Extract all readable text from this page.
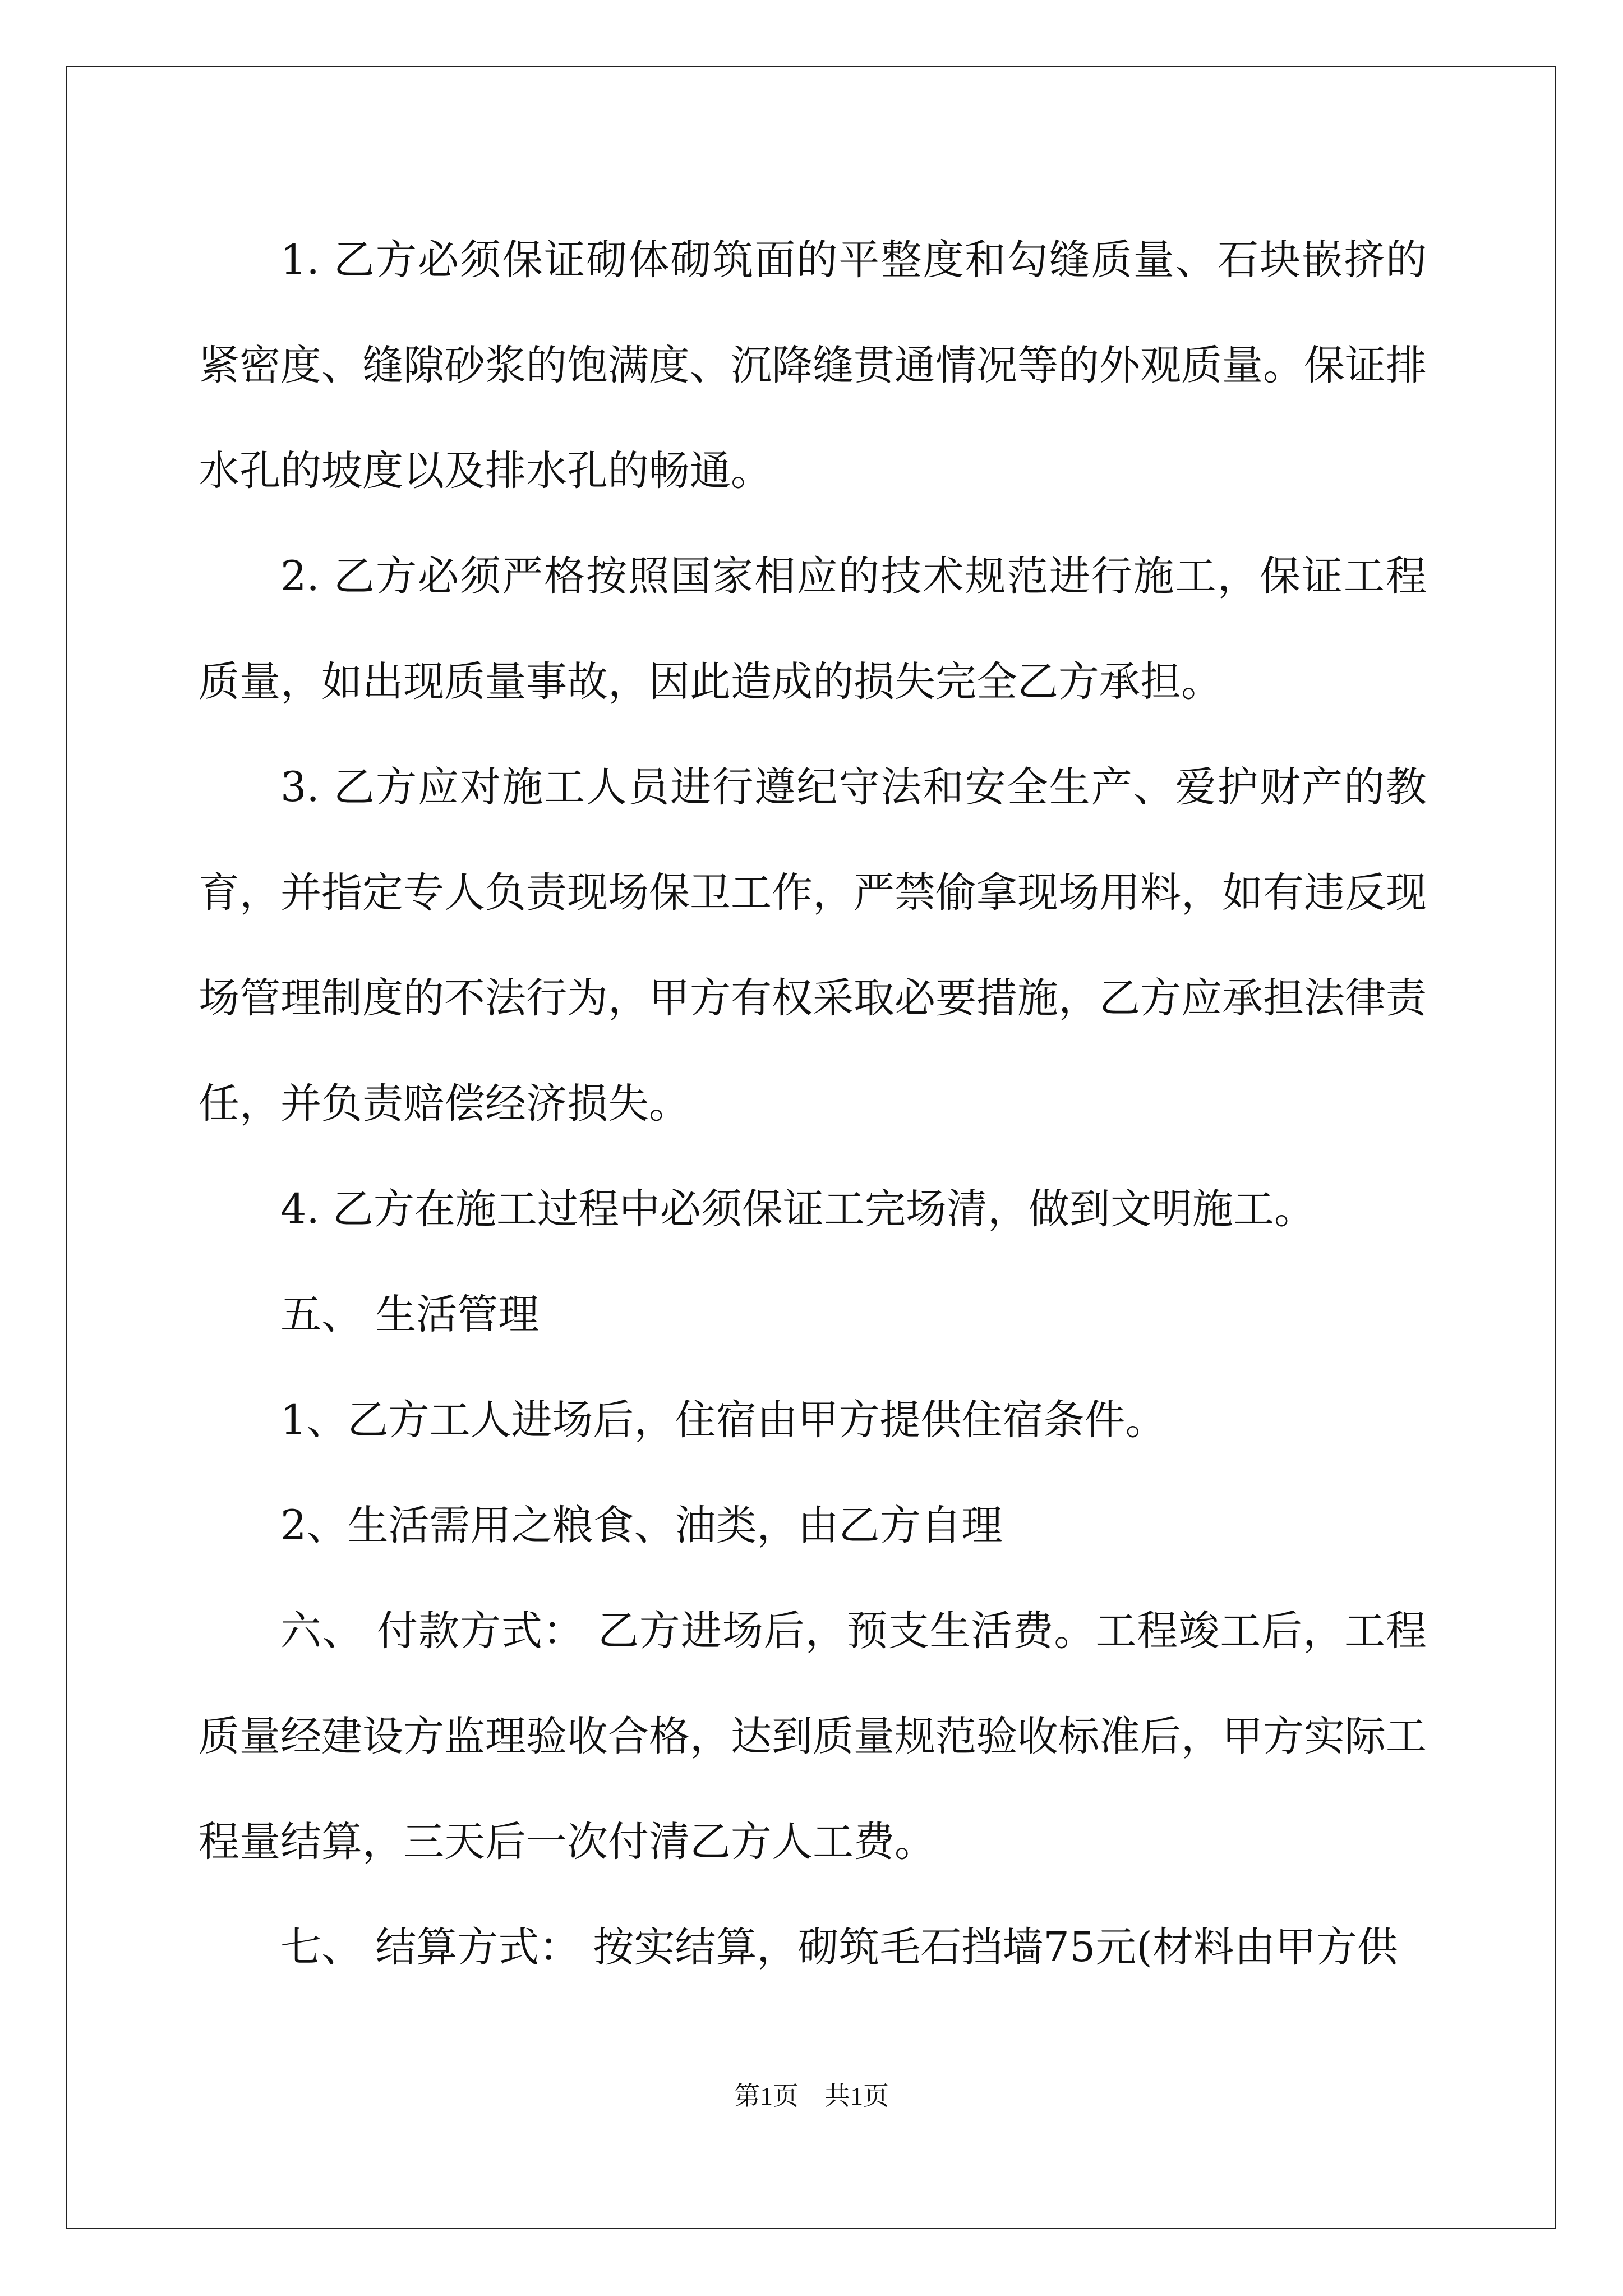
1. 乙方必须保证砌体砌筑面的平整度和勾缝质量、石块嵌挤的紧密度、缝隙砂浆的饱满度、沉降缝贯通情况等的外观质量。保证排水孔的坡度以及排水孔的畅通。

2. 乙方必须严格按照国家相应的技术规范进行施工，保证工程质量，如出现质量事故，因此造成的损失完全乙方承担。

3. 乙方应对施工人员进行遵纪守法和安全生产、爱护财产的教育，并指定专人负责现场保卫工作，严禁偷拿现场用料，如有违反现场管理制度的不法行为，甲方有权采取必要措施，乙方应承担法律责任，并负责赔偿经济损失。

4. 乙方在施工过程中必须保证工完场清，做到文明施工。

五、 生活管理

1、乙方工人进场后，住宿由甲方提供住宿条件。

2、生活需用之粮食、油类，由乙方自理

六、 付款方式： 乙方进场后，预支生活费。工程竣工后，工程质量经建设方监理验收合格，达到质量规范验收标准后，甲方实际工程量结算，三天后一次付清乙方人工费。

七、 结算方式： 按实结算，砌筑毛石挡墙75元(材料由甲方供

第1页　共1页
